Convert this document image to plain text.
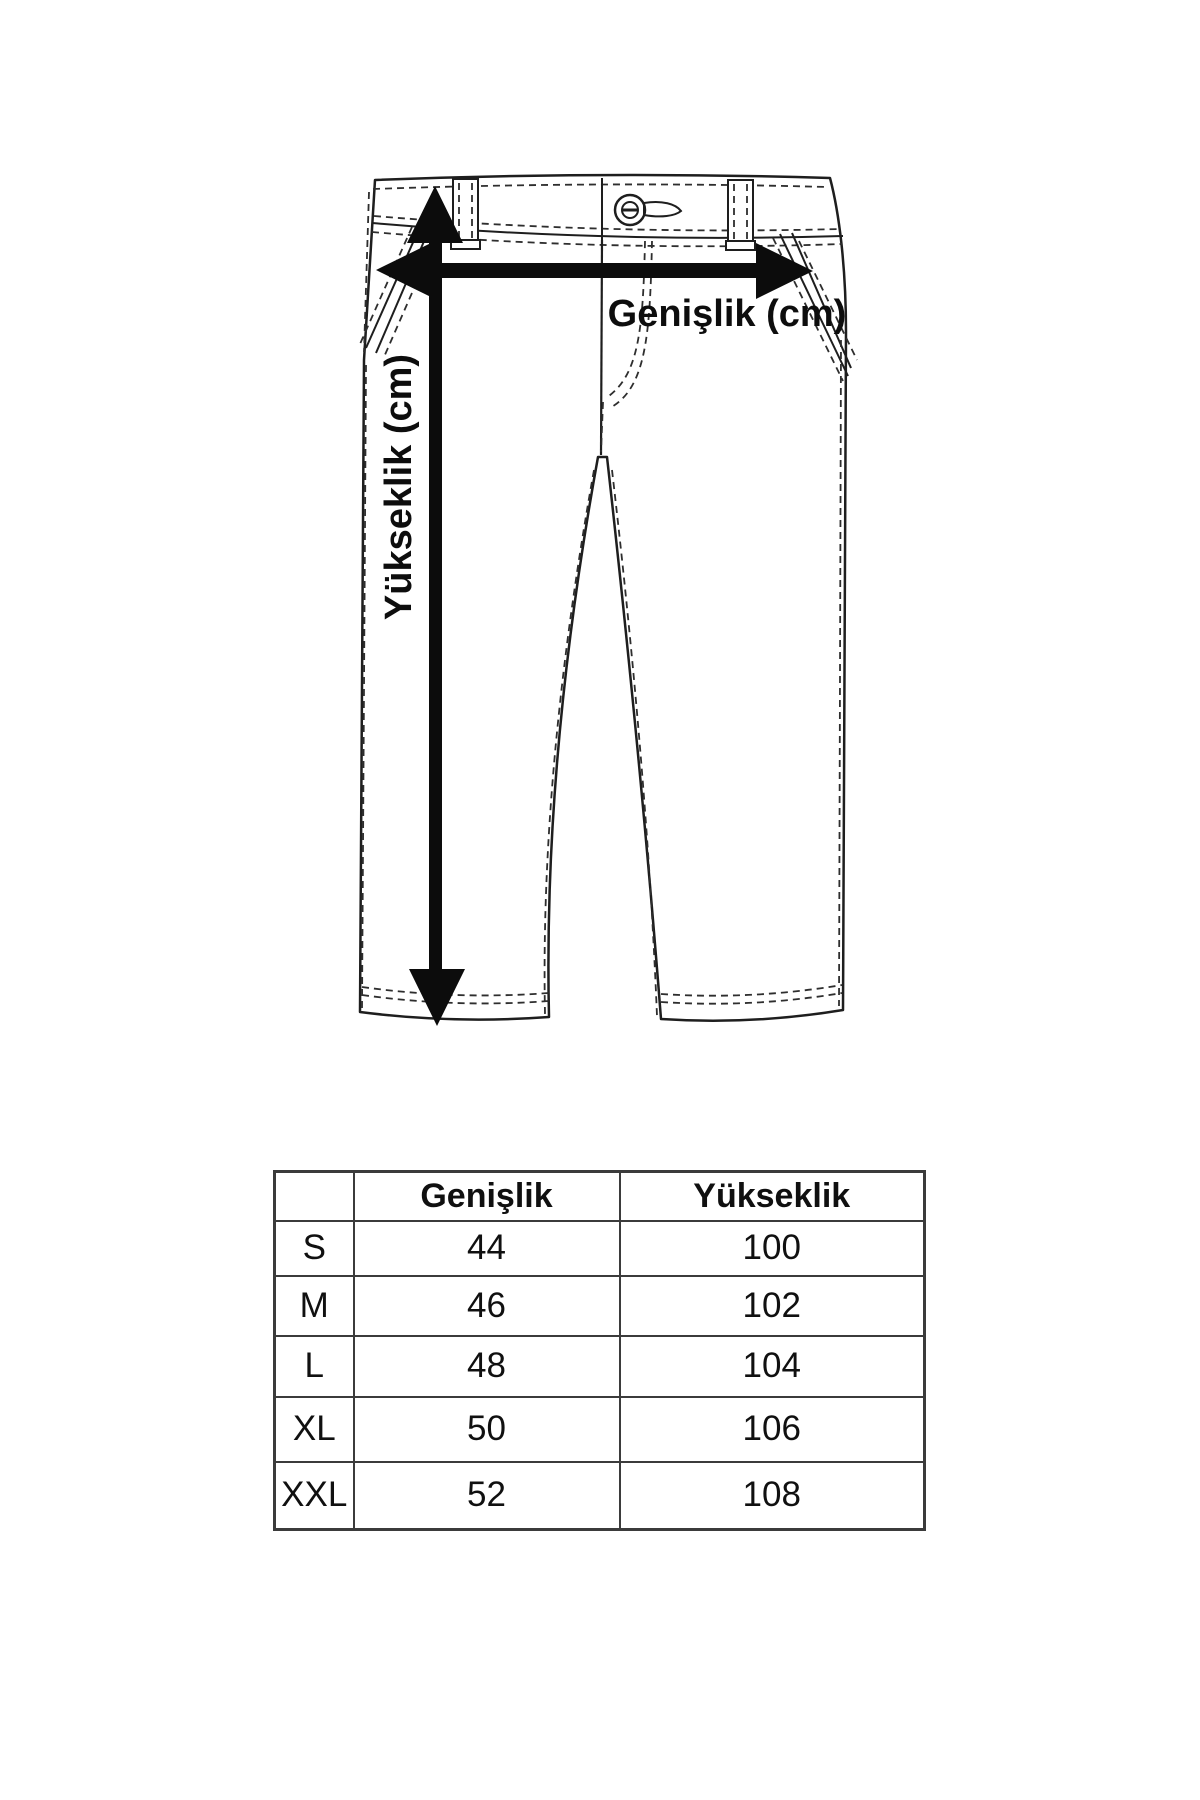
Genişlik (cm)
Yükseklik (cm)
	Genişlik	Yükseklik
S	44	100
M	46	102
L	48	104
XL	50	106
XXL	52	108
